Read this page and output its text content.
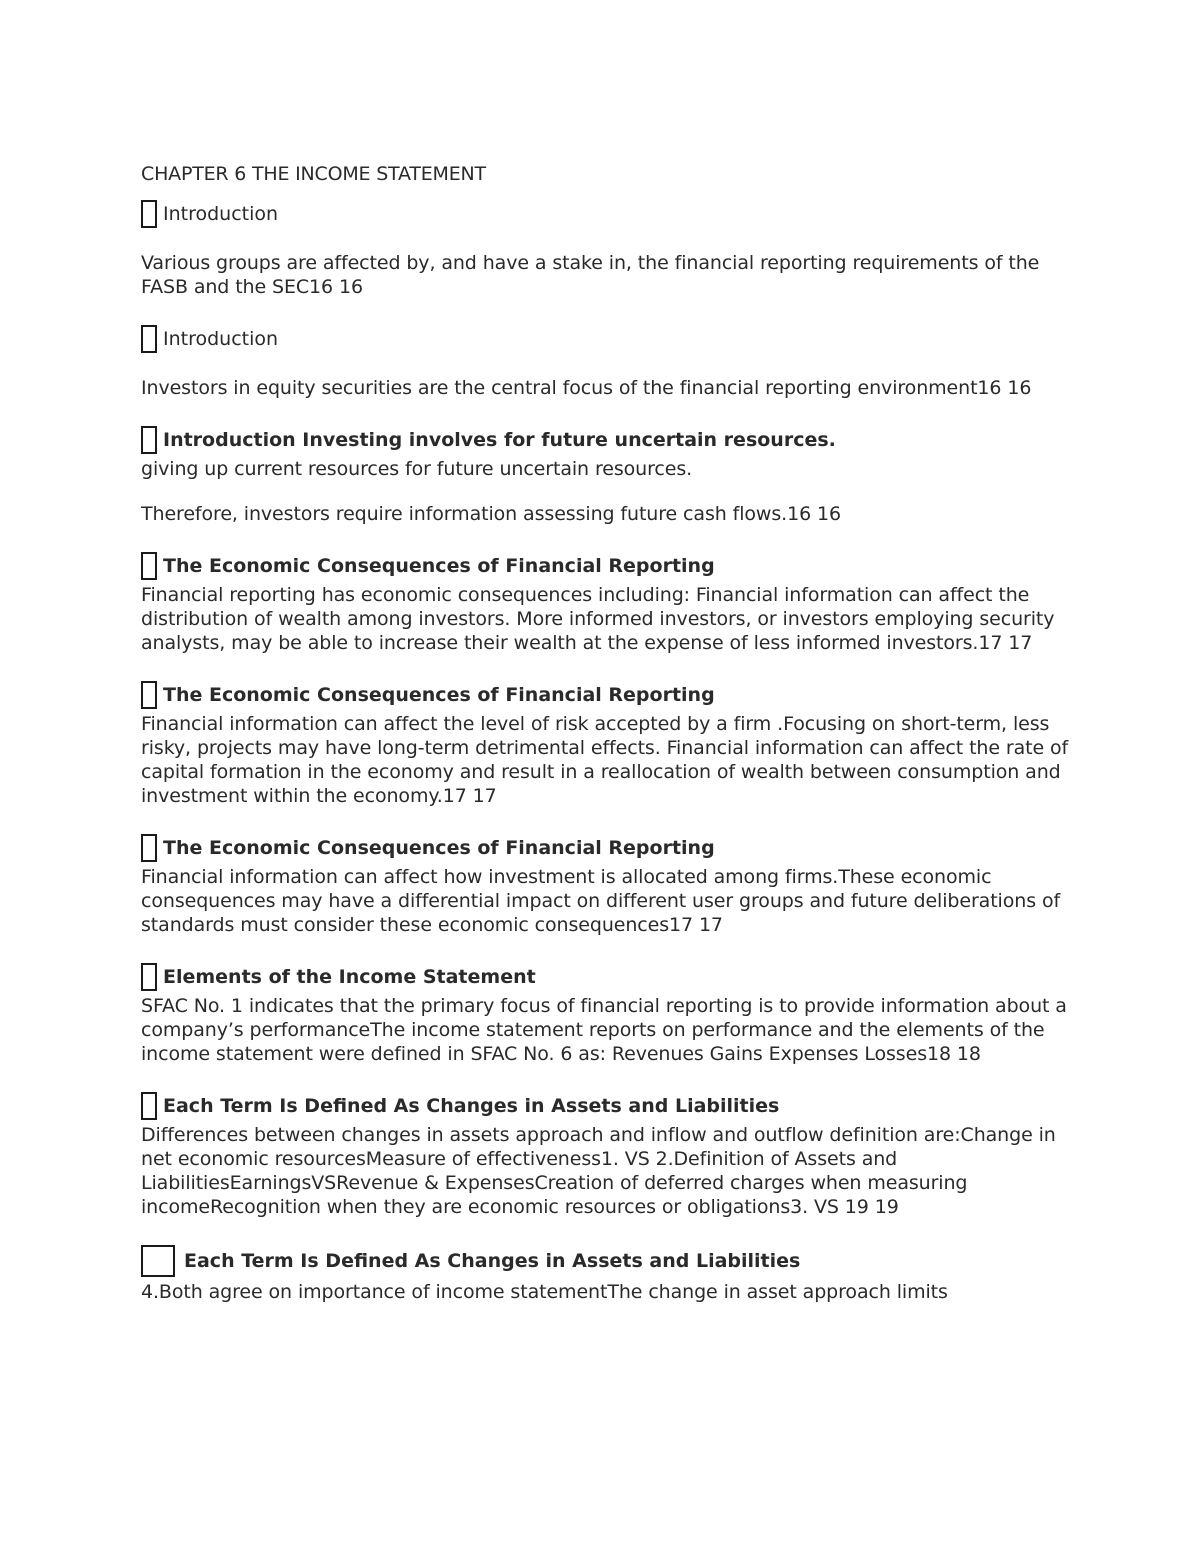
CHAPTER 6 THE INCOME STATEMENT
Introduction

Various groups are affected by, and have a stake in, the financial reporting requirements of the FASB and the SEC16 16

Introduction

Investors in equity securities are the central focus of the financial reporting environment16 16

Introduction Investing involves for future uncertain resources.

giving up current resources for future uncertain resources.

Therefore, investors require information assessing future cash flows.16 16

The Economic Consequences of Financial Reporting

Financial reporting has economic consequences including: Financial information can affect the distribution of wealth among investors. More informed investors, or investors employing security analysts, may be able to increase their wealth at the expense of less informed investors.17 17

The Economic Consequences of Financial Reporting

Financial information can affect the level of risk accepted by a firm .Focusing on short-term, less risky, projects may have long-term detrimental effects. Financial information can affect the rate of capital formation in the economy and result in a reallocation of wealth between consumption and investment within the economy.17 17

The Economic Consequences of Financial Reporting

Financial information can affect how investment is allocated among firms.These economic consequences may have a differential impact on different user groups and future deliberations of standards must consider these economic consequences17 17

Elements of the Income Statement

SFAC No. 1 indicates that the primary focus of financial reporting is to provide information about a company’s performanceThe income statement reports on performance and the elements of the income statement were defined in SFAC No. 6 as: Revenues Gains Expenses Losses18 18

Each Term Is Defined As Changes in Assets and Liabilities

Differences between changes in assets approach and inflow and outflow definition are:Change in net economic resourcesMeasure of effectiveness1. VS 2.Definition of Assets and LiabilitiesEarningsVSRevenue & ExpensesCreation of deferred charges when measuring incomeRecognition when they are economic resources or obligations3. VS 19 19

Each Term Is Defined As Changes in Assets and Liabilities

4.Both agree on importance of income statementThe change in asset approach limits
